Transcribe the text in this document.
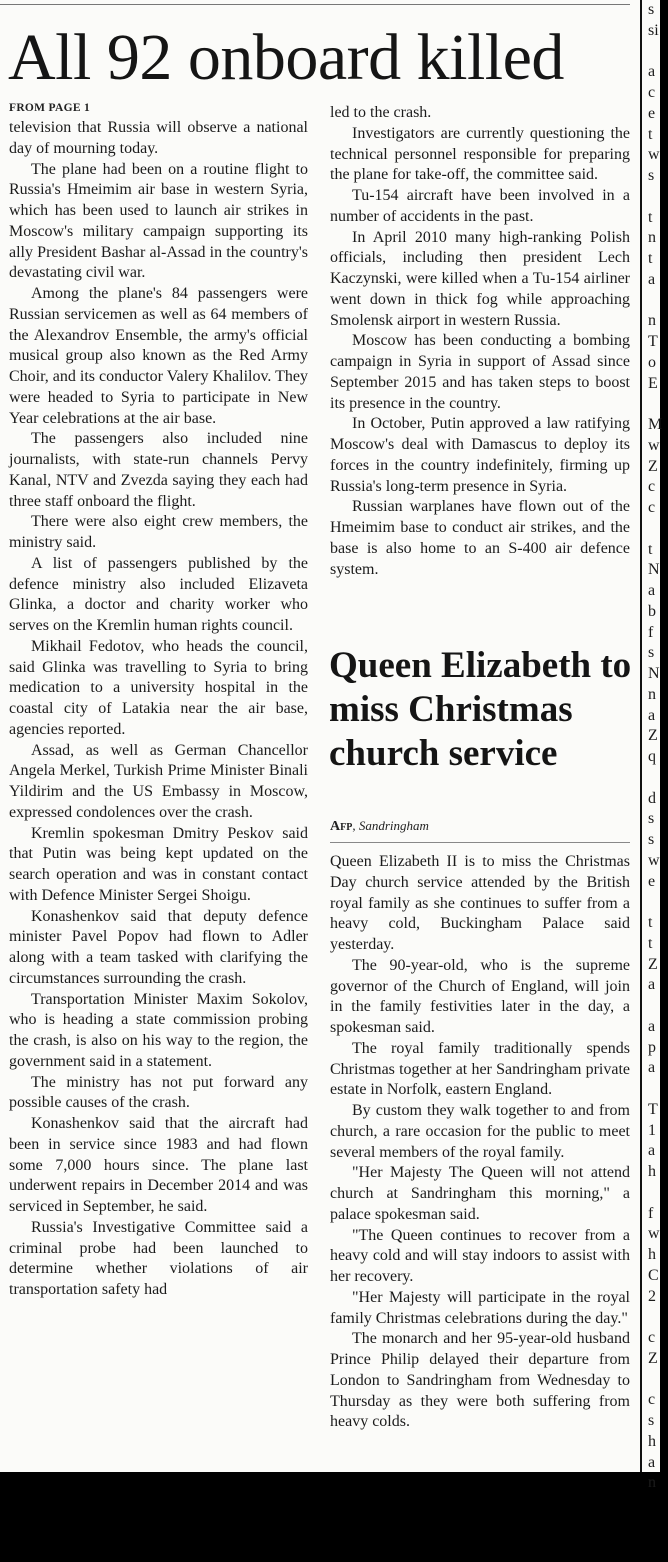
All 92 onboard killed
FROM PAGE 1

television that Russia will observe a national day of mourning today.

The plane had been on a routine flight to Russia's Hmeimim air base in western Syria, which has been used to launch air strikes in Moscow's military campaign supporting its ally President Bashar al-Assad in the country's devastating civil war.

Among the plane's 84 passengers were Russian servicemen as well as 64 members of the Alexandrov Ensemble, the army's official musical group also known as the Red Army Choir, and its conductor Valery Khalilov. They were headed to Syria to participate in New Year celebrations at the air base.

The passengers also included nine journalists, with state-run channels Pervy Kanal, NTV and Zvezda saying they each had three staff onboard the flight.

There were also eight crew members, the ministry said.

A list of passengers published by the defence ministry also included Elizaveta Glinka, a doctor and charity worker who serves on the Kremlin human rights council.

Mikhail Fedotov, who heads the council, said Glinka was travelling to Syria to bring medication to a university hospital in the coastal city of Latakia near the air base, agencies reported.

Assad, as well as German Chancellor Angela Merkel, Turkish Prime Minister Binali Yildirim and the US Embassy in Moscow, expressed condolences over the crash.

Kremlin spokesman Dmitry Peskov said that Putin was being kept updated on the search operation and was in constant contact with Defence Minister Sergei Shoigu.

Konashenkov said that deputy defence minister Pavel Popov had flown to Adler along with a team tasked with clarifying the circumstances surrounding the crash.

Transportation Minister Maxim Sokolov, who is heading a state commission probing the crash, is also on his way to the region, the government said in a statement.

The ministry has not put forward any possible causes of the crash.

Konashenkov said that the aircraft had been in service since 1983 and had flown some 7,000 hours since. The plane last underwent repairs in December 2014 and was serviced in September, he said.

Russia's Investigative Committee said a criminal probe had been launched to determine whether violations of air transportation safety had

led to the crash.

Investigators are currently questioning the technical personnel responsible for preparing the plane for take-off, the committee said.

Tu-154 aircraft have been involved in a number of accidents in the past.

In April 2010 many high-ranking Polish officials, including then president Lech Kaczynski, were killed when a Tu-154 airliner went down in thick fog while approaching Smolensk airport in western Russia.

Moscow has been conducting a bombing campaign in Syria in support of Assad since September 2015 and has taken steps to boost its presence in the country.

In October, Putin approved a law ratifying Moscow's deal with Damascus to deploy its forces in the country indefinitely, firming up Russia's long-term presence in Syria.

Russian warplanes have flown out of the Hmeimim base to conduct air strikes, and the base is also home to an S-400 air defence system.

Queen Elizabeth to miss Christmas church service
Afp, Sandringham

Queen Elizabeth II is to miss the Christmas Day church service attended by the British royal family as she continues to suffer from a heavy cold, Buckingham Palace said yesterday.

The 90-year-old, who is the supreme governor of the Church of England, will join in the family festivities later in the day, a spokesman said.

The royal family traditionally spends Christmas together at her Sandringham private estate in Norfolk, eastern England.

By custom they walk together to and from church, a rare occasion for the public to meet several members of the royal family.

"Her Majesty The Queen will not attend church at Sandringham this morning," a palace spokesman said.

"The Queen continues to recover from a heavy cold and will stay indoors to assist with her recovery.

"Her Majesty will participate in the royal family Christmas celebrations during the day."

The monarch and her 95-year-old husband Prince Philip delayed their departure from London to Sandringham from Wednesday to Thursday as they were both suffering from heavy colds.

s
si
a
c
e
t
w
s
t
n
t
a
n
T
o
E
M
w
Z
c
c
t
N
a
b
f
s
N
n
a
Z
q
d
s
s
w
e
t
t
Z
a
a
p
a
T
1
a
h
f
w
h
C
2
c
Z
c
s
h
a
n
